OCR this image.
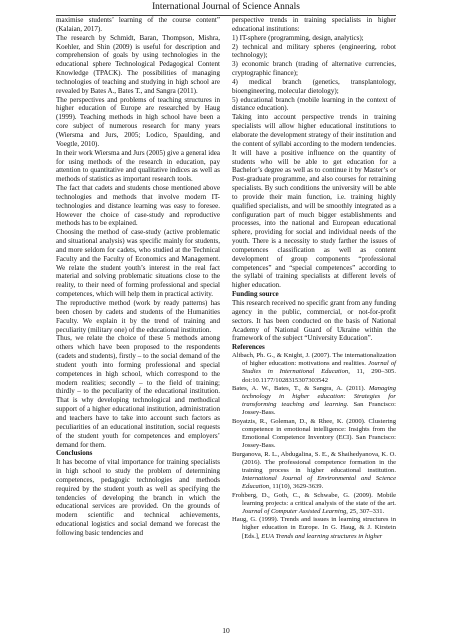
International Journal of Science Annals

maximise students’ learning of the course content” (Kalaian, 2017).

The research by Schmidt, Baran, Thompson, Mishra, Koehler, and Shin (2009) is useful for description and comprehension of goals by using technologies in the educational sphere Technological Pedagogical Content Knowledge (TPACK). The possibilities of managing technologies of teaching and studying in high school are revealed by Bates A., Bates T., and Sangra (2011).

The perspectives and problems of teaching structures in higher education of Europe are researched by Haug (1999). Teaching methods in high school have been a core subject of numerous research for many years (Wiersma and Jurs, 2005; Lodico, Spaulding, and Voegtle, 2010).

In their work Wiersma and Jurs (2005) give a general idea for using methods of the research in education, pay attention to quantitative and qualitative indices as well as methods of statistics as important research tools.

The fact that cadets and students chose mentioned above technologies and methods that involve modern IT-technologies and distance learning was easy to foresee. However the choice of case-study and reproductive methods has to be explained.

Choosing the method of case-study (active problematic and situational analysis) was specific mainly for students, and more seldom for cadets, who studied at the Technical Faculty and the Faculty of Economics and Management. We relate the student youth’s interest in the real fact material and solving problematic situations close to the reality, to their need of forming professional and special competences, which will help them in practical activity.

The reproductive method (work by ready patterns) has been chosen by cadets and students of the Humanities Faculty. We explain it by the trend of training and peculiarity (military one) of the educational institution.

Thus, we relate the choice of these 5 methods among others which have been proposed to the respondents (cadets and students), firstly – to the social demand of the student youth into forming professional and special competences in high school, which correspond to the modern realities; secondly – to the field of training; thirdly – to the peculiarity of the educational institution. That is why developing technological and methodical support of a higher educational institution, administration and teachers have to take into account such factors as peculiarities of an educational institution, social requests of the student youth for competences and employers’ demand for them.

Conclusions

It has become of vital importance for training specialists in high school to study the problem of determining competences, pedagogic technologies and methods required by the student youth as well as specifying the tendencies of developing the branch in which the educational services are provided. On the grounds of modern scientific and technical achievements, educational logistics and social demand we forecast the following basic tendencies and

perspective trends in training specialists in higher educational institutions:

1) IT-sphere (programming, design, analytics);

2) technical and military spheres (engineering, robot technology);

3) economic branch (trading of alternative currencies, cryptographic finance);

4) medical branch (genetics, transplantology, bioengineering, molecular dietology);

5) educational branch (mobile learning in the context of distance education).

Taking into account perspective trends in training specialists will allow higher educational institutions to elaborate the development strategy of their institution and the content of syllabi according to the modern tendencies. It will have a positive influence on the quantity of students who will be able to get education for a Bachelor’s degree as well as to continue it by Master’s or Post-graduate programme, and also courses for retraining specialists. By such conditions the university will be able to provide their main function, i.e. training highly qualified specialists, and will be smoothly integrated as a configuration part of much bigger establishments and processes, into the national and European educational sphere, providing for social and individual needs of the youth. There is a necessity to study farther the issues of competences classification as well as content development of group components “professional competences” and “special competences” according to the syllabi of training specialists at different levels of higher education.

Funding source

This research received no specific grant from any funding agency in the public, commercial, or not-for-profit sectors. It has been conducted on the basis of National Academy of National Guard of Ukraine within the framework of the subject “University Education”.

References

Altbach, Ph. G., & Knight, J. (2007). The internationalization of higher education: motivations and realities. Journal of Studies in International Education, 11, 290–305. doi:10.1177/1028315307303542

Bates, A. W., Bates, T., & Sangra, A. (2011). Managing technology in higher education: Strategies for transforming teaching and learning. San Francisco: Jossey-Bass.

Boyatzis, R., Goleman, D., & Rhee, K. (2000). Clustering competence in emotional intelligence: Insights from the Emotional Competence Inventory (ECI). San Francisco: Jossey-Bass.

Burganova, R. L., Abdugalina, S. E., & Shaihedyanova, K. O. (2016). The professional competence formation in the training process in higher educational institution. International Journal of Environmental and Science Education, 11(10), 3629-3639.

Frohberg, D., Goth, C., & Schwabe, G. (2009). Mobile learning projects: a critical analysis of the state of the art. Journal of Computer Assisted Learning, 25, 307–331.

Haug, G. (1999). Trends and issues in learning structures in higher education in Europe. In G. Haug, & J. Kirstein [Eds.], EUA Trends and learning structures in higher

10
